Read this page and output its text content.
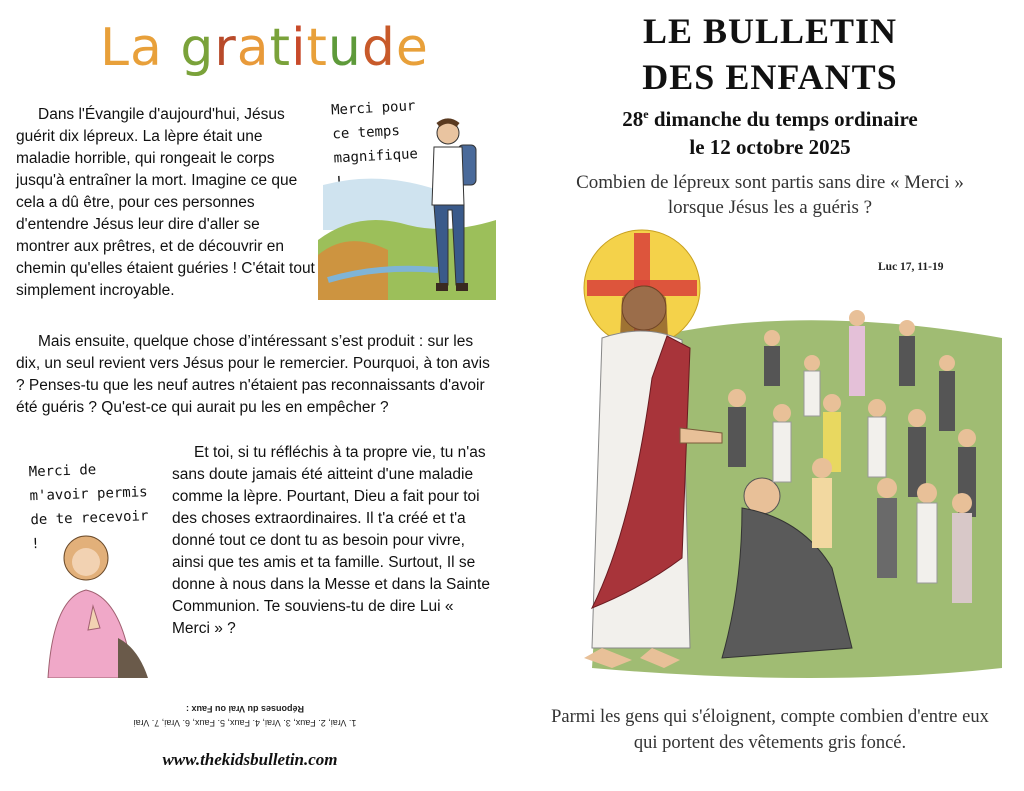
La gratitude
Dans l'Évangile d'aujourd'hui, Jésus guérit dix lépreux. La lèpre était une maladie horrible, qui rongeait le corps jusqu'à entraîner la mort. Imagine ce que cela a dû être, pour ces personnes d'entendre Jésus leur dire d'aller se montrer aux prêtres, et de découvrir en chemin qu'elles étaient guéries ! C'était tout simplement incroyable.
Mais ensuite, quelque chose d’intéressant s’est produit : sur les dix, un seul revient vers Jésus pour le remercier. Pourquoi, à ton avis ? Penses-tu que les neuf autres n'étaient pas reconnaissants d'avoir été guéris ? Qu'est-ce qui aurait pu les en empêcher ?
Et toi, si tu réfléchis à ta propre vie, tu n'as sans doute jamais été aitteint d'une maladie comme la lèpre. Pourtant, Dieu a fait pour toi des choses extraordinaires. Il t'a créé et t'a donné tout ce dont tu as besoin pour vivre, ainsi que tes amis et ta famille. Surtout, Il se donne à nous dans la Messe et dans la Sainte Communion. Te souviens-tu de dire Lui « Merci » ?
Merci pour ce temps magnifique
Merci de m'avoir permis de te recevoir !
1. Vrai, 2. Faux, 3. Vrai, 4. Faux, 5. Faux, 6. Vrai, 7. Vrai
Réponses du Vrai ou Faux :
www.thekidsbulletin.com
LE BULLETIN
DES ENFANTS
28e dimanche du temps ordinaire
le 12 octobre 2025
Combien de lépreux sont partis sans dire « Merci » lorsque Jésus les a guéris ?
Luc 17, 11-19
Parmi les gens qui s'éloignent, compte combien d'entre eux qui portent des vêtements gris foncé.
